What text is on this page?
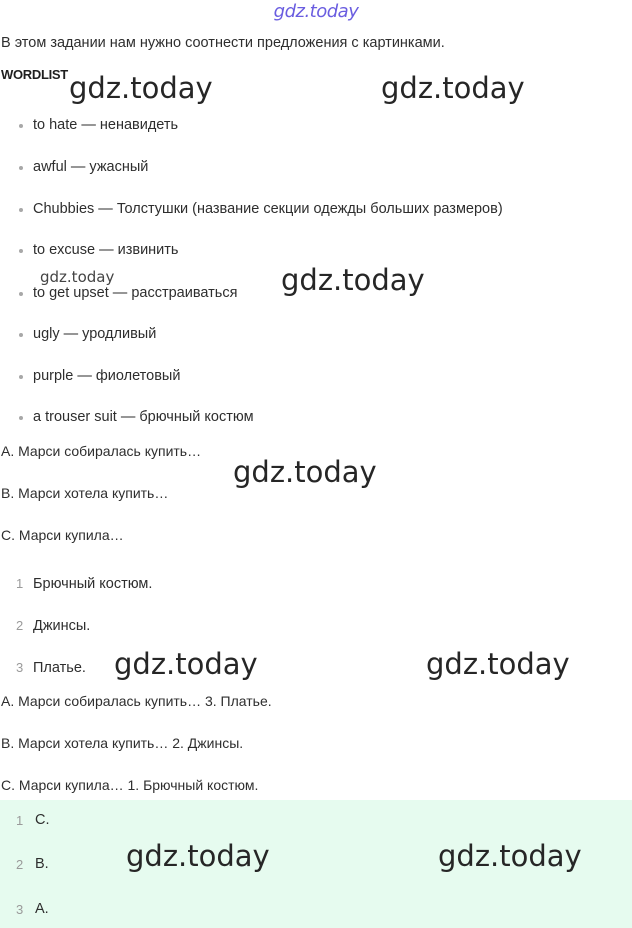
gdz.today
В этом задании нам нужно соотнести предложения с картинками.
WORDLIST
to hate — ненавидеть
awful — ужасный
Chubbies — Толстушки (название секции одежды больших размеров)
to excuse — извинить
to get upset — расстраиваться
ugly — уродливый
purple — фиолетовый
a trouser suit — брючный костюм
A. Марси собиралась купить…
B. Марси хотела купить…
C. Марси купила…
1 Брючный костюм.
2 Джинсы.
3 Платье.
A. Марси собиралась купить… 3. Платье.
B. Марси хотела купить… 2. Джинсы.
C. Марси купила… 1. Брючный костюм.
1 C.
2 B.
3 A.
gdz.today	gdz.today
gdz.today	gdz.today
gdz.today
gdz.today	gdz.today
gdz.today	gdz.today
